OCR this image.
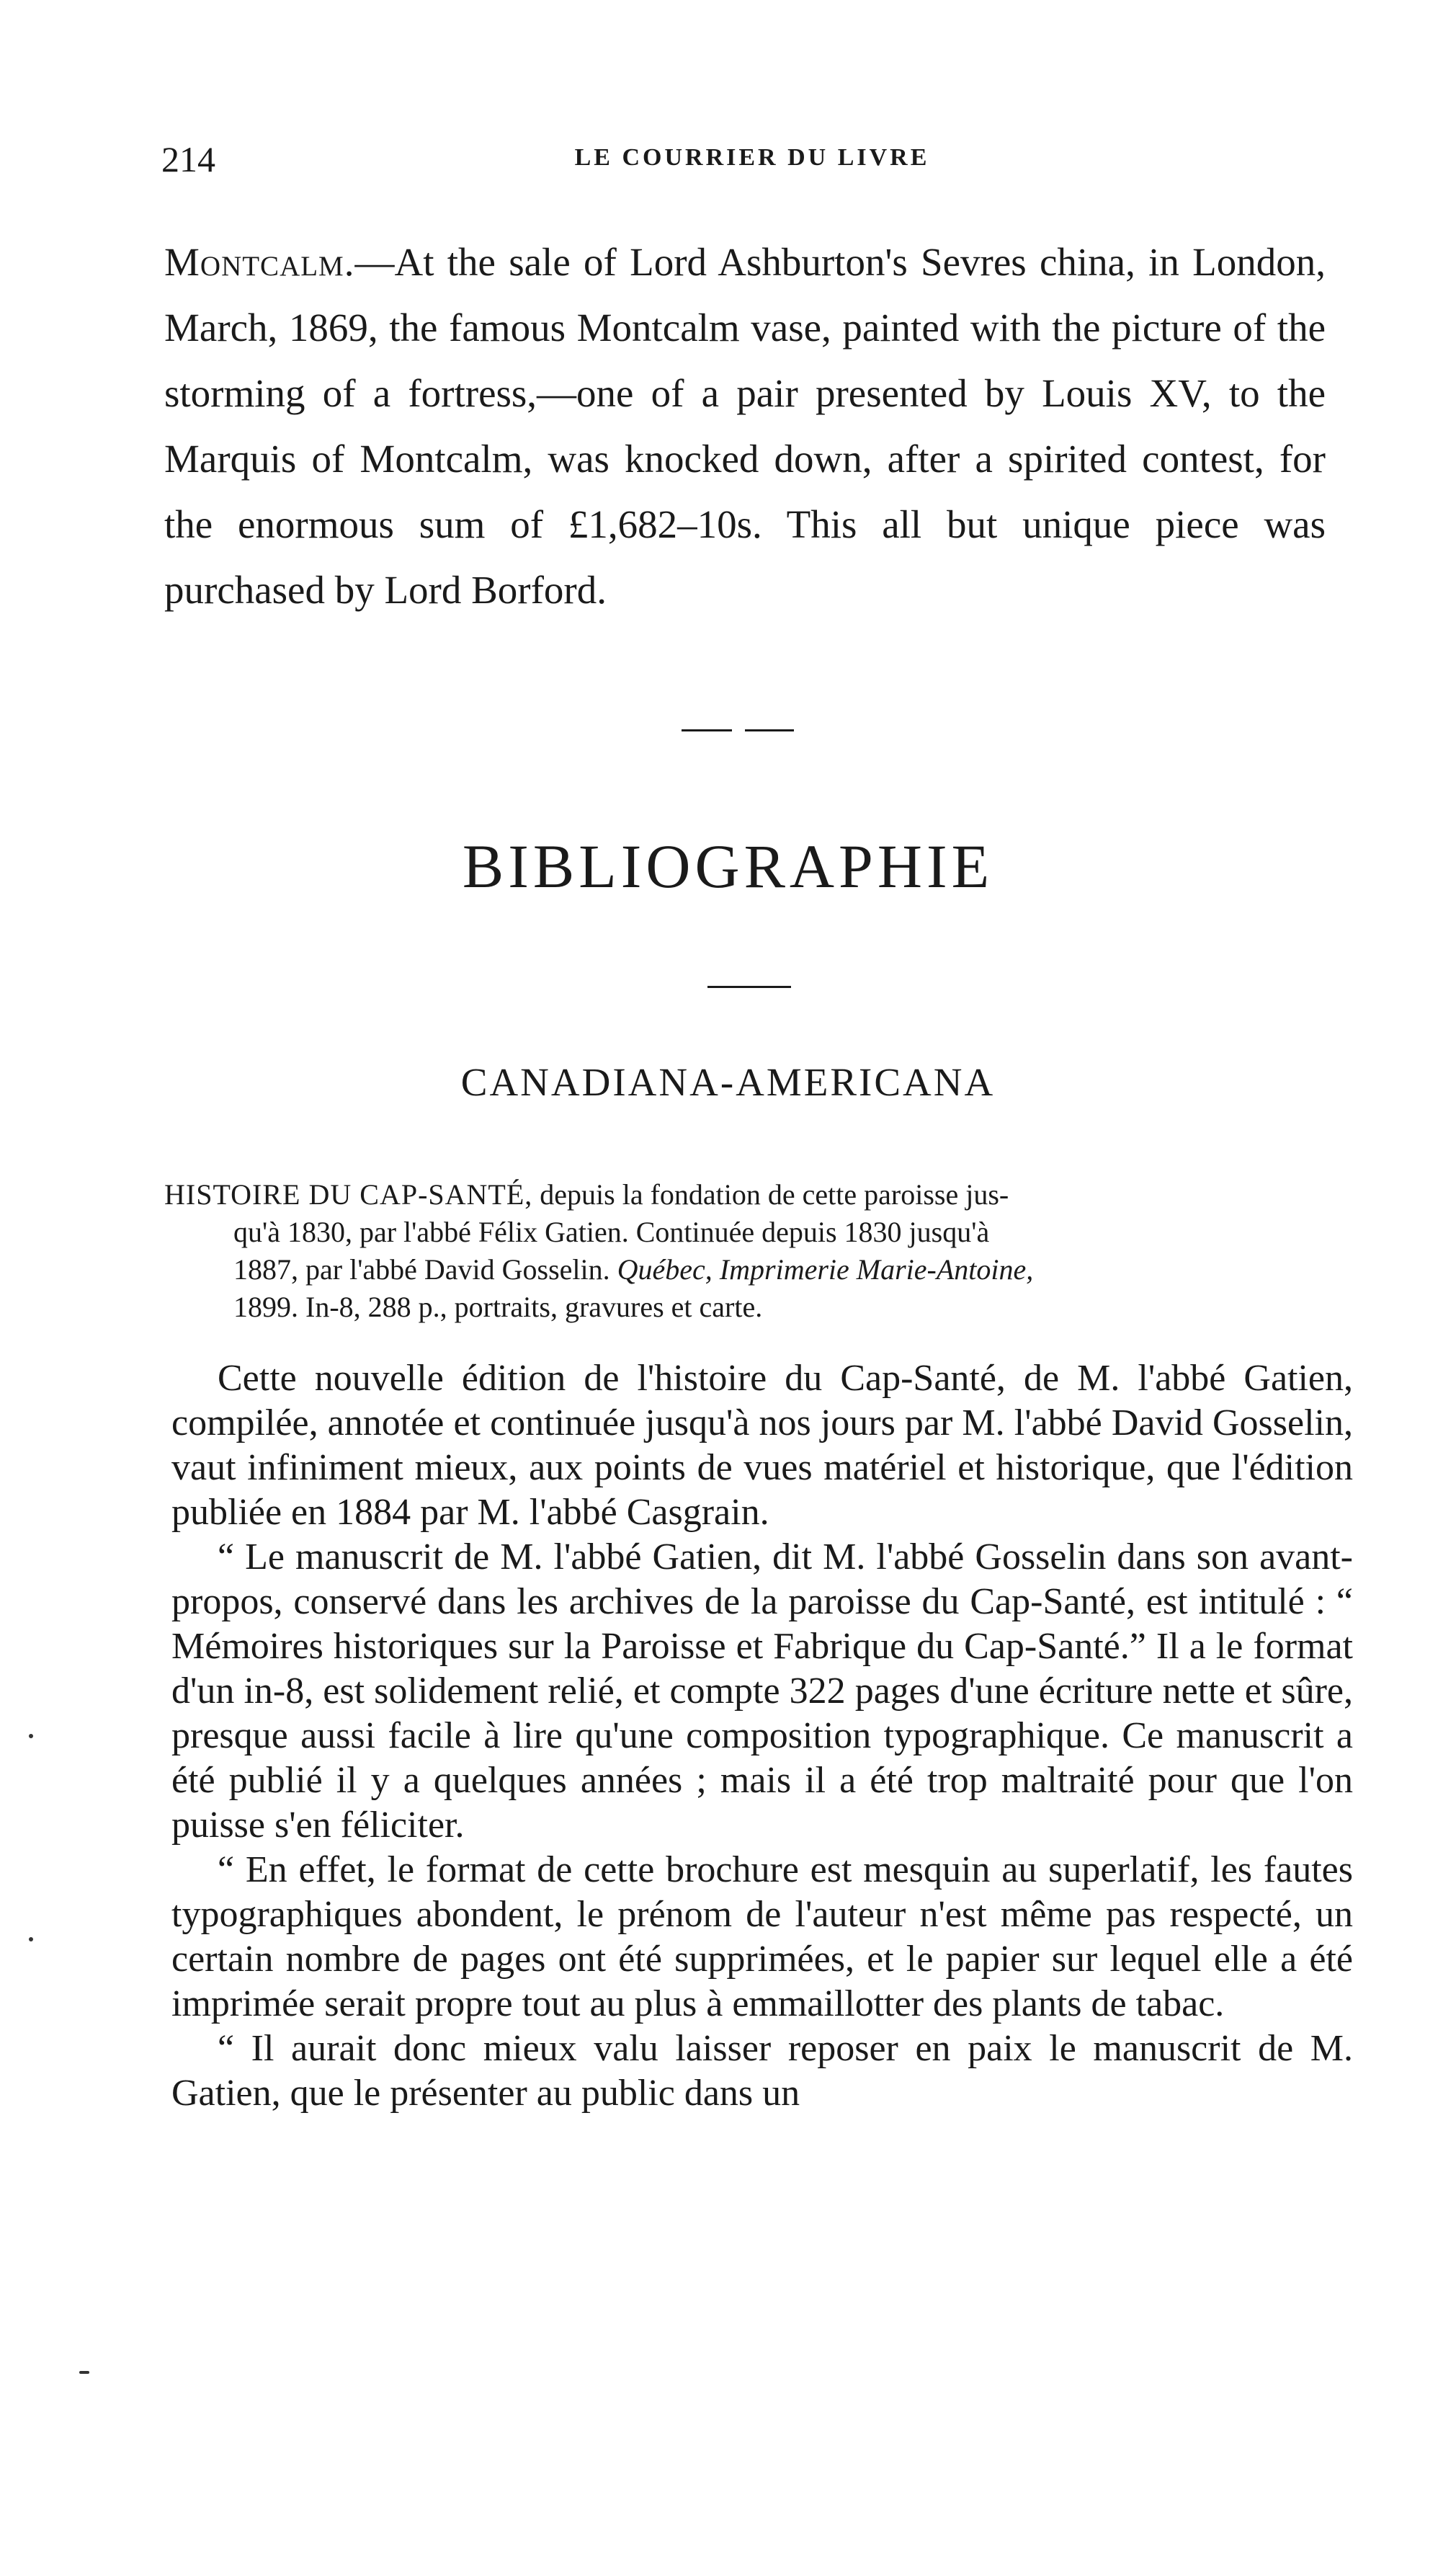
214	LE COURRIER DU LIVRE

Montcalm.—At the sale of Lord Ashburton's Sevres china, in London, March, 1869, the famous Montcalm vase, painted with the picture of the storming of a fortress,—one of a pair presented by Louis XV, to the Marquis of Montcalm, was knocked down, after a spirited contest, for the enormous sum of £1,682–10s. This all but unique piece was purchased by Lord Borford.

BIBLIOGRAPHIE
CANADIANA-AMERICANA

HISTOIRE DU CAP-SANTÉ, depuis la fondation de cette paroisse jus-

qu'à 1830, par l'abbé Félix Gatien. Continuée depuis 1830 jusqu'à

1887, par l'abbé David Gosselin. Québec, Imprimerie Marie-Antoine,

1899. In-8, 288 p., portraits, gravures et carte.

Cette nouvelle édition de l'histoire du Cap-Santé, de M. l'abbé Gatien, compilée, annotée et continuée jusqu'à nos jours par M. l'abbé David Gosselin, vaut infiniment mieux, aux points de vues matériel et historique, que l'édition publiée en 1884 par M. l'abbé Casgrain.

“ Le manuscrit de M. l'abbé Gatien, dit M. l'abbé Gosselin dans son avant-propos, conservé dans les archives de la paroisse du Cap-Santé, est intitulé : “ Mémoires historiques sur la Paroisse et Fabrique du Cap-Santé.” Il a le format d'un in-8, est solidement relié, et compte 322 pages d'une écriture nette et sûre, presque aussi facile à lire qu'une composition typographique. Ce manuscrit a été publié il y a quelques années ; mais il a été trop maltraité pour que l'on puisse s'en féliciter.

“ En effet, le format de cette brochure est mesquin au superlatif, les fautes typographiques abondent, le prénom de l'auteur n'est même pas respecté, un certain nombre de pages ont été supprimées, et le papier sur lequel elle a été imprimée serait propre tout au plus à emmaillotter des plants de tabac.

“ Il aurait donc mieux valu laisser reposer en paix le manuscrit de M. Gatien, que le présenter au public dans un
